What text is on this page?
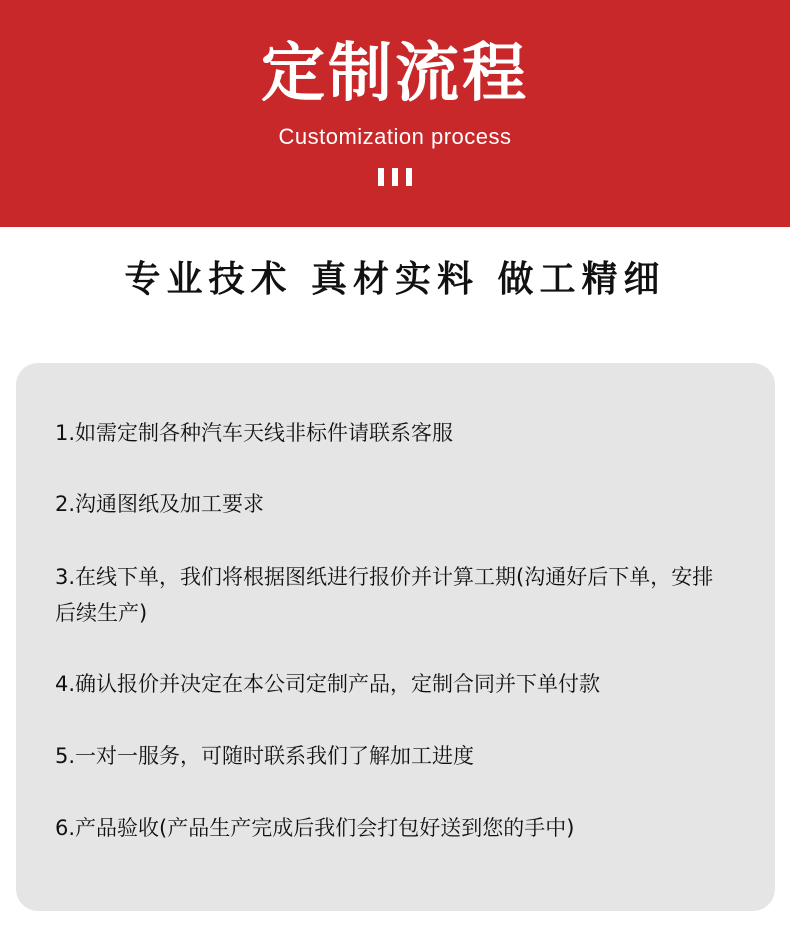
定制流程
Customization process
专业技术 真材实料 做工精细

1.如需定制各种汽车天线非标件请联系客服

2.沟通图纸及加工要求

3.在线下单，我们将根据图纸进行报价并计算工期(沟通好后下单，安排后续生产)

4.确认报价并决定在本公司定制产品，定制合同并下单付款

5.一对一服务，可随时联系我们了解加工进度

6.产品验收(产品生产完成后我们会打包好送到您的手中)
